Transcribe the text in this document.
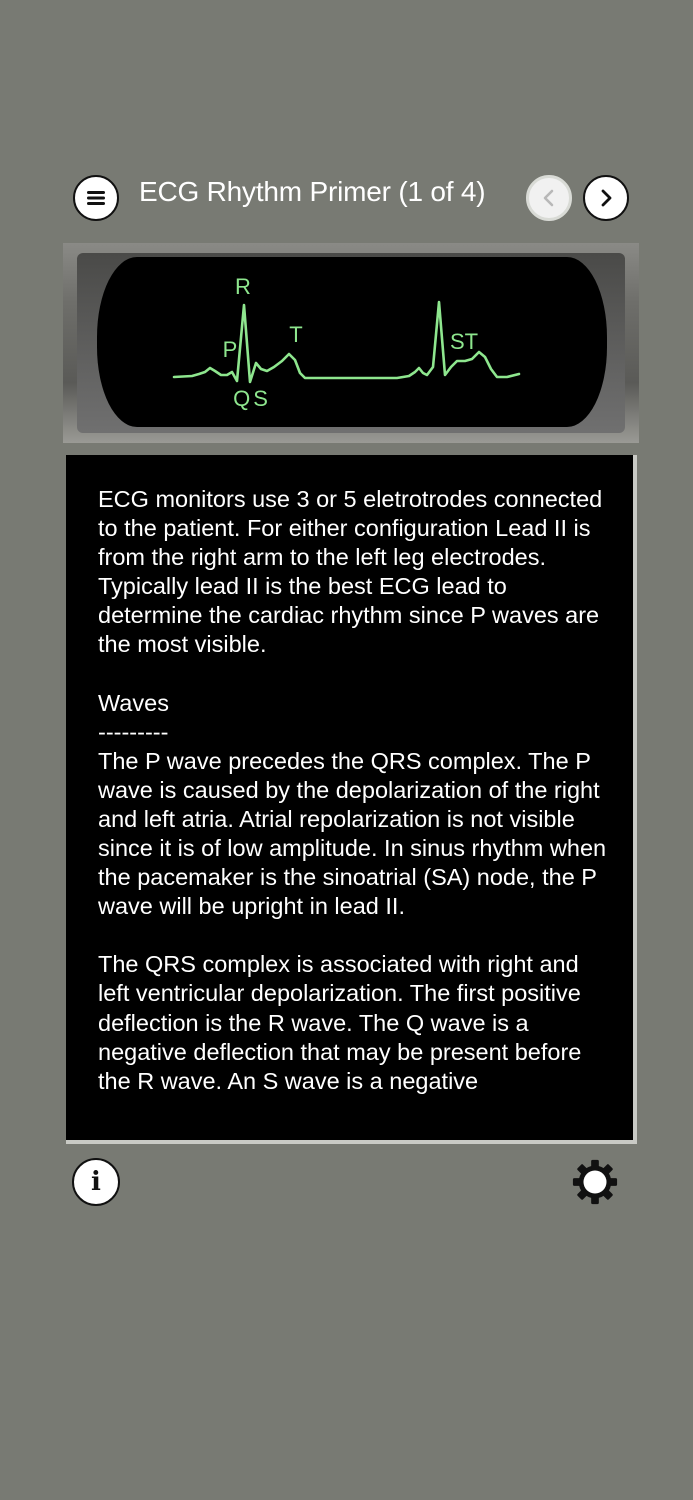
ECG Rhythm Primer (1 of 4)
R
T
P
QS
ST

ECG monitors use 3 or 5 eletrotrodes connected to the patient. For either configuration Lead II is from the right arm to the left leg electrodes. Typically lead II is the best ECG lead to determine the cardiac rhythm since P waves are the most visible.

Waves
---------
The P wave precedes the QRS complex. The P wave is caused by the depolarization of the right and left atria. Atrial repolarization is not visible since it is of low amplitude. In sinus rhythm when the pacemaker is the sinoatrial (SA) node, the P wave will be upright in lead II.

The QRS complex is associated with right and left ventricular depolarization. The first positive deflection is the R wave. The Q wave is a negative deflection that may be present before the R wave. An S wave is a negative

i
